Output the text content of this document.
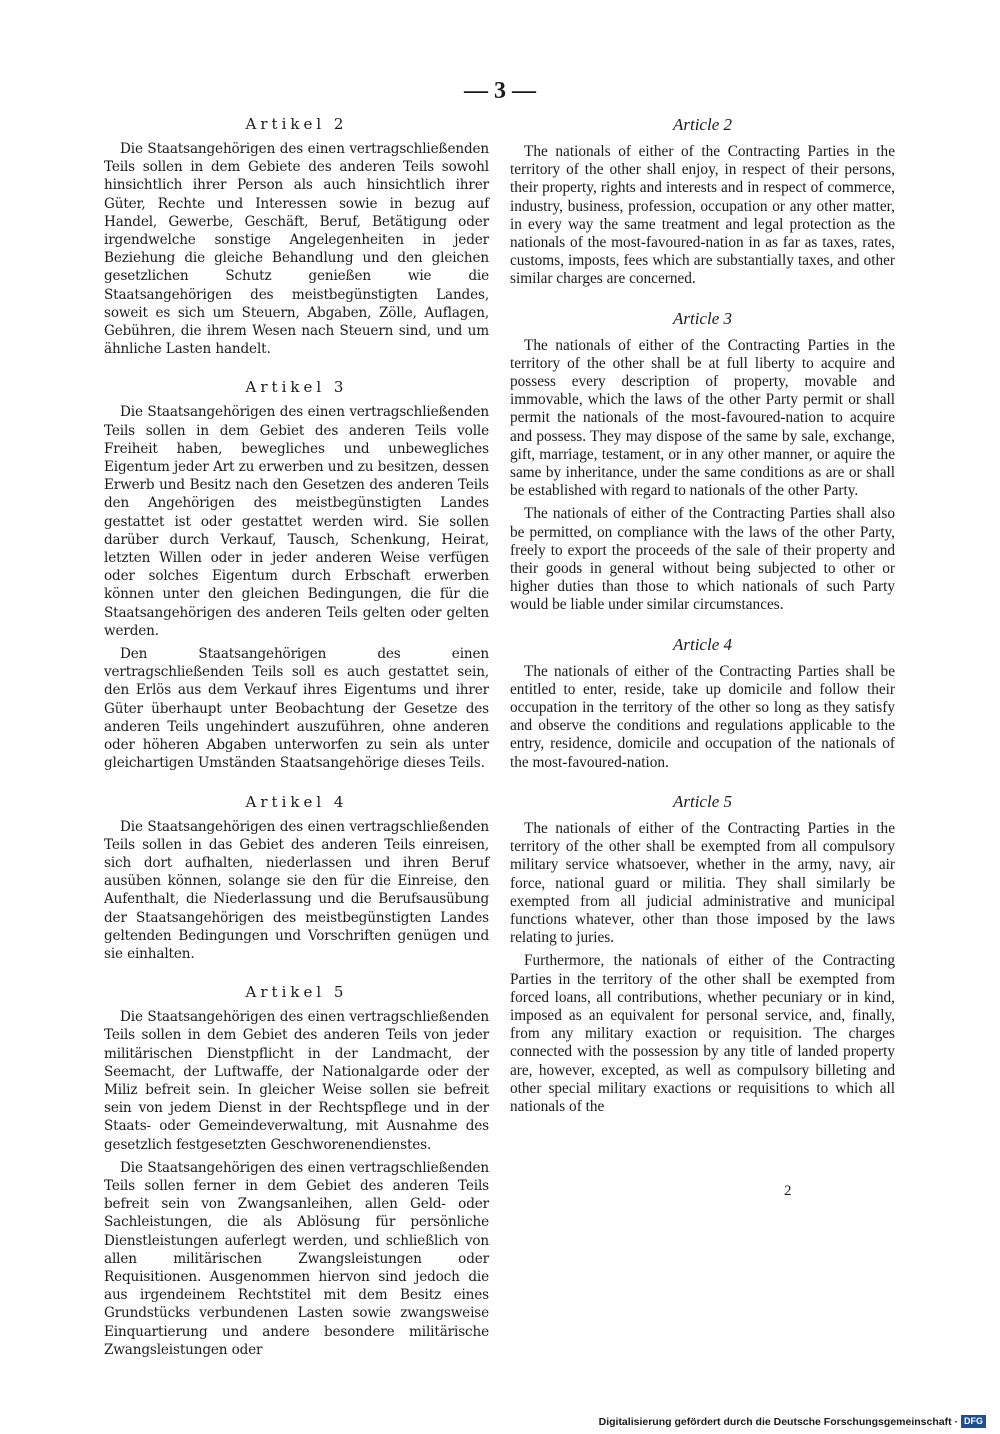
— 3 —
Artikel 2

Die Staatsangehörigen des einen vertragschließenden Teils sollen in dem Gebiete des anderen Teils sowohl hinsichtlich ihrer Person als auch hinsichtlich ihrer Güter, Rechte und Interessen sowie in bezug auf Handel, Gewerbe, Geschäft, Beruf, Betätigung oder irgendwelche sonstige Angelegenheiten in jeder Beziehung die gleiche Behandlung und den gleichen gesetzlichen Schutz genießen wie die Staatsangehörigen des meistbegünstigten Landes, soweit es sich um Steuern, Abgaben, Zölle, Auflagen, Gebühren, die ihrem Wesen nach Steuern sind, und um ähnliche Lasten handelt.

Artikel 3

Die Staatsangehörigen des einen vertragschließenden Teils sollen in dem Gebiet des anderen Teils volle Freiheit haben, bewegliches und unbewegliches Eigentum jeder Art zu erwerben und zu besitzen, dessen Erwerb und Besitz nach den Gesetzen des anderen Teils den Angehörigen des meistbegünstigten Landes gestattet ist oder gestattet werden wird. Sie sollen darüber durch Verkauf, Tausch, Schenkung, Heirat, letzten Willen oder in jeder anderen Weise verfügen oder solches Eigentum durch Erbschaft erwerben können unter den gleichen Bedingungen, die für die Staatsangehörigen des anderen Teils gelten oder gelten werden.

Den Staatsangehörigen des einen vertragschließenden Teils soll es auch gestattet sein, den Erlös aus dem Verkauf ihres Eigentums und ihrer Güter überhaupt unter Beobachtung der Gesetze des anderen Teils ungehindert auszuführen, ohne anderen oder höheren Abgaben unterworfen zu sein als unter gleichartigen Umständen Staatsangehörige dieses Teils.

Artikel 4

Die Staatsangehörigen des einen vertragschließenden Teils sollen in das Gebiet des anderen Teils einreisen, sich dort aufhalten, niederlassen und ihren Beruf ausüben können, solange sie den für die Einreise, den Aufenthalt, die Niederlassung und die Berufsausübung der Staatsangehörigen des meistbegünstigten Landes geltenden Bedingungen und Vorschriften genügen und sie einhalten.

Artikel 5

Die Staatsangehörigen des einen vertragschließenden Teils sollen in dem Gebiet des anderen Teils von jeder militärischen Dienstpflicht in der Landmacht, der Seemacht, der Luftwaffe, der Nationalgarde oder der Miliz befreit sein. In gleicher Weise sollen sie befreit sein von jedem Dienst in der Rechtspflege und in der Staats- oder Gemeindeverwaltung, mit Ausnahme des gesetzlich festgesetzten Geschworenendienstes.

Die Staatsangehörigen des einen vertragschließenden Teils sollen ferner in dem Gebiet des anderen Teils befreit sein von Zwangsanleihen, allen Geld- oder Sachleistungen, die als Ablösung für persönliche Dienstleistungen auferlegt werden, und schließlich von allen militärischen Zwangsleistungen oder Requisitionen. Ausgenommen hiervon sind jedoch die aus irgendeinem Rechtstitel mit dem Besitz eines Grundstücks verbundenen Lasten sowie zwangsweise Einquartierung und andere besondere militärische Zwangsleistungen oder

Article 2

The nationals of either of the Contracting Parties in the territory of the other shall enjoy, in respect of their persons, their property, rights and interests and in respect of commerce, industry, business, profession, occupation or any other matter, in every way the same treatment and legal protection as the nationals of the most-favoured-nation in as far as taxes, rates, customs, imposts, fees which are substantially taxes, and other similar charges are concerned.

Article 3

The nationals of either of the Contracting Parties in the territory of the other shall be at full liberty to acquire and possess every description of property, movable and immovable, which the laws of the other Party permit or shall permit the nationals of the most-favoured-nation to acquire and possess. They may dispose of the same by sale, exchange, gift, marriage, testament, or in any other manner, or aquire the same by inheritance, under the same conditions as are or shall be established with regard to nationals of the other Party.

The nationals of either of the Contracting Parties shall also be permitted, on compliance with the laws of the other Party, freely to export the proceeds of the sale of their property and their goods in general without being subjected to other or higher duties than those to which nationals of such Party would be liable under similar circumstances.

Article 4

The nationals of either of the Contracting Parties shall be entitled to enter, reside, take up domicile and follow their occupation in the territory of the other so long as they satisfy and observe the conditions and regulations applicable to the entry, residence, domicile and occupation of the nationals of the most-favoured-nation.

Article 5

The nationals of either of the Contracting Parties in the territory of the other shall be exempted from all compulsory military service whatsoever, whether in the army, navy, air force, national guard or militia. They shall similarly be exempted from all judicial administrative and municipal functions whatever, other than those imposed by the laws relating to juries.

Furthermore, the nationals of either of the Contracting Parties in the territory of the other shall be exempted from forced loans, all contributions, whether pecuniary or in kind, imposed as an equivalent for personal service, and, finally, from any military exaction or requisition. The charges connected with the possession by any title of landed property are, however, excepted, as well as compulsory billeting and other special military exactions or requisitions to which all nationals of the

2
Digitalisierung gefördert durch die Deutsche Forschungsgemeinschaft · DFG
